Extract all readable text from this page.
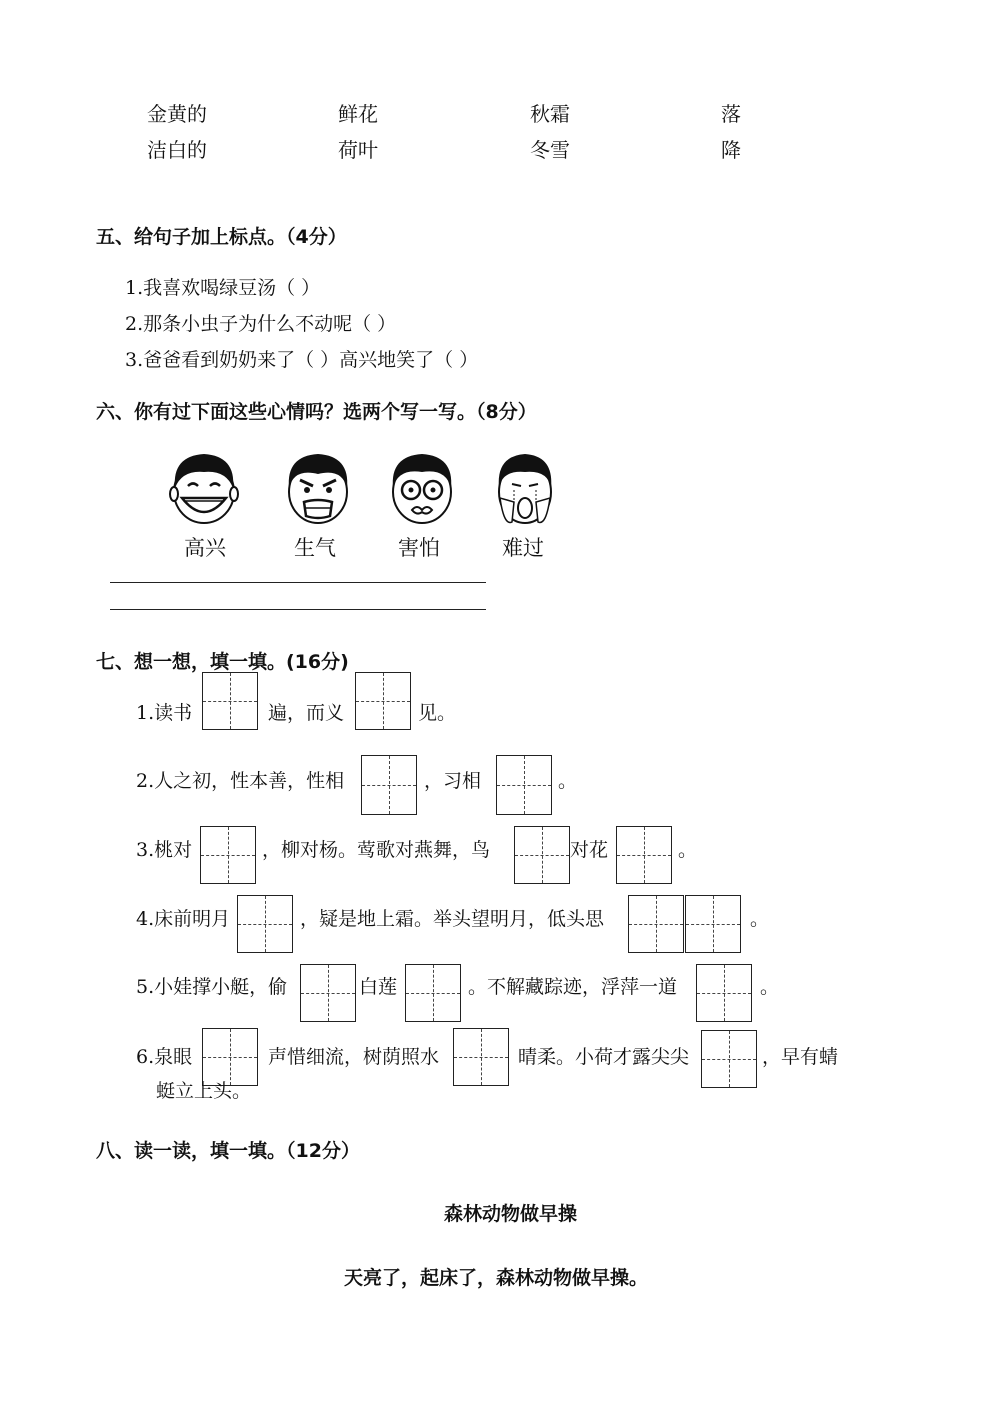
金黄的	鲜花	秋霜	落
洁白的	荷叶	冬雪	降
五、给句子加上标点。（4分）
1.我喜欢喝绿豆汤（ ）
2.那条小虫子为什么不动呢（ ）
3.爸爸看到奶奶来了（ ）高兴地笑了（ ）
六、你有过下面这些心情吗？选两个写一写。（8分）
高兴	生气	害怕	难过
七、想一想，填一填。(16分)
1.读书	遍，而义	见。
2.人之初，性本善，性相	，习相	。
3.桃对	，柳对杨。莺歌对燕舞，鸟	对花	。
4.床前明月	，疑是地上霜。举头望明月，低头思	。
5.小娃撑小艇，偷	白莲	。不解藏踪迹，浮萍一道	。
6.泉眼	声惜细流，树荫照水	晴柔。小荷才露尖尖	，早有蜻
蜓立上头。
八、读一读，填一填。（12分）
森林动物做早操
天亮了，起床了，森林动物做早操。
